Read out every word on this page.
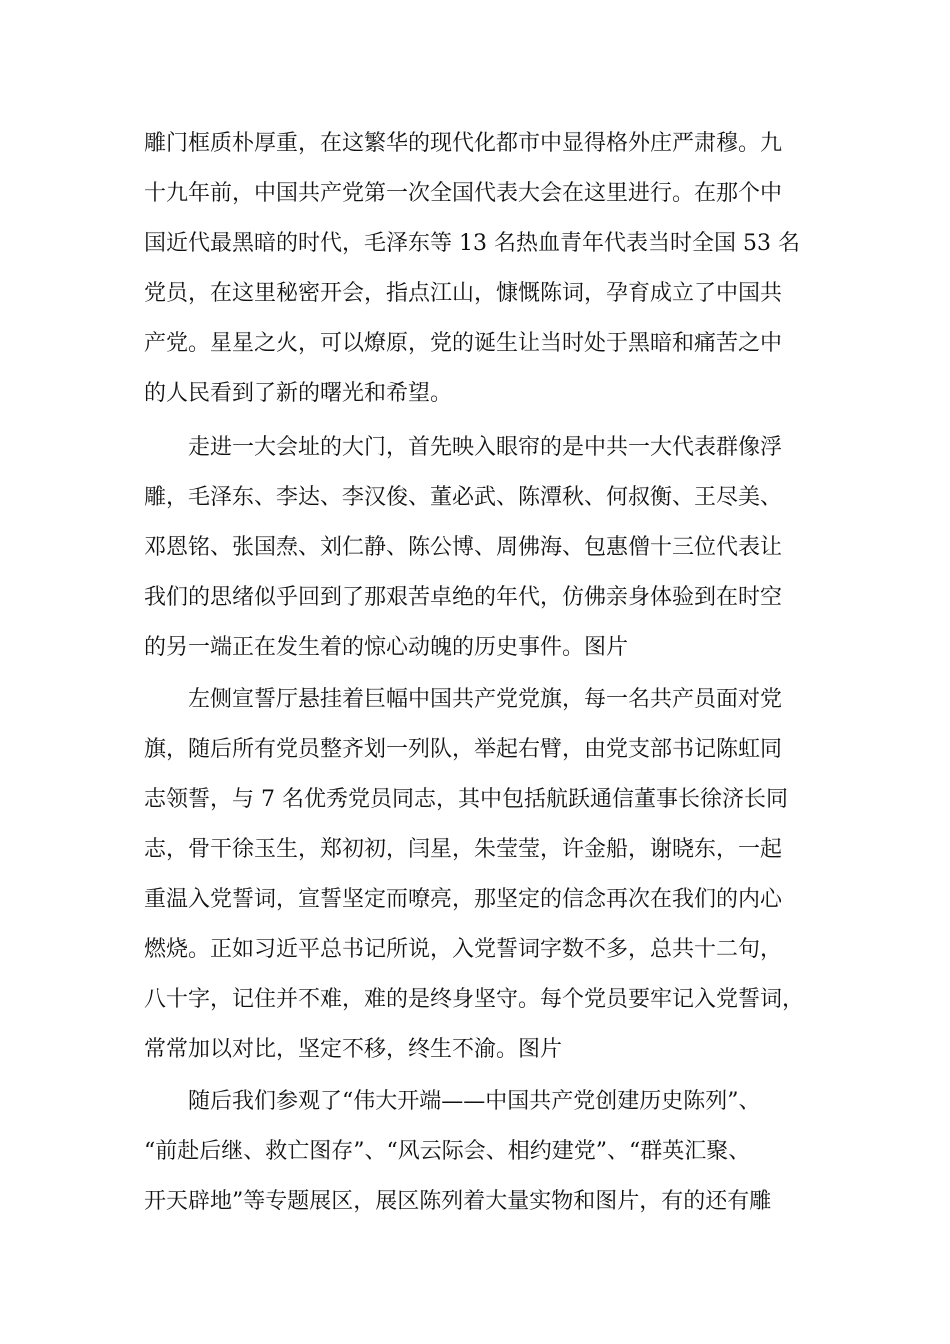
雕门框质朴厚重，在这繁华的现代化都市中显得格外庄严肃穆。九
十九年前，中国共产党第一次全国代表大会在这里进行。在那个中
国近代最黑暗的时代，毛泽东等 13 名热血青年代表当时全国 53 名
党员，在这里秘密开会，指点江山，慷慨陈词，孕育成立了中国共
产党。星星之火，可以燎原，党的诞生让当时处于黑暗和痛苦之中
的人民看到了新的曙光和希望。
走进一大会址的大门，首先映入眼帘的是中共一大代表群像浮
雕，毛泽东、李达、李汉俊、董必武、陈潭秋、何叔衡、王尽美、
邓恩铭、张国焘、刘仁静、陈公博、周佛海、包惠僧十三位代表让
我们的思绪似乎回到了那艰苦卓绝的年代，仿佛亲身体验到在时空
的另一端正在发生着的惊心动魄的历史事件。图片
左侧宣誓厅悬挂着巨幅中国共产党党旗，每一名共产员面对党
旗，随后所有党员整齐划一列队，举起右臂，由党支部书记陈虹同
志领誓，与 7 名优秀党员同志，其中包括航跃通信董事长徐济长同
志，骨干徐玉生，郑初初，闫星，朱莹莹，许金船，谢晓东，一起
重温入党誓词，宣誓坚定而嘹亮，那坚定的信念再次在我们的内心
燃烧。正如习近平总书记所说，入党誓词字数不多，总共十二句，
八十字，记住并不难，难的是终身坚守。每个党员要牢记入党誓词，
常常加以对比，坚定不移，终生不渝。图片
随后我们参观了“伟大开端——中国共产党创建历史陈列”、
“前赴后继、救亡图存”、“风云际会、相约建党”、“群英汇聚、
开天辟地”等专题展区，展区陈列着大量实物和图片，有的还有雕
